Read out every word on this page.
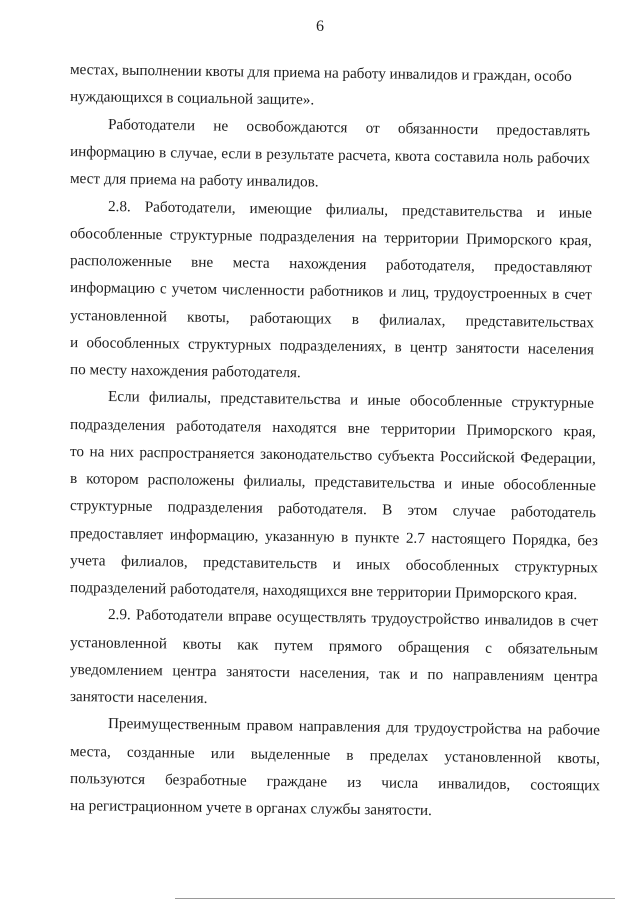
6
местах, выполнении квоты для приема на работу инвалидов и граждан, особо
нуждающихся в социальной защите».
Работодатели не освобождаются от обязанности предоставлять
информацию в случае, если в результате расчета, квота составила ноль рабочих
мест для приема на работу инвалидов.
2.8. Работодатели, имеющие филиалы, представительства и иные
обособленные структурные подразделения на территории Приморского края,
расположенные вне места нахождения работодателя, предоставляют
информацию с учетом численности работников и лиц, трудоустроенных в счет
установленной квоты, работающих в филиалах, представительствах
и обособленных структурных подразделениях, в центр занятости населения
по месту нахождения работодателя.
Если филиалы, представительства и иные обособленные структурные
подразделения работодателя находятся вне территории Приморского края,
то на них распространяется законодательство субъекта Российской Федерации,
в котором расположены филиалы, представительства и иные обособленные
структурные подразделения работодателя. В этом случае работодатель
предоставляет информацию, указанную в пункте 2.7 настоящего Порядка, без
учета филиалов, представительств и иных обособленных структурных
подразделений работодателя, находящихся вне территории Приморского края.
2.9. Работодатели вправе осуществлять трудоустройство инвалидов в счет
установленной квоты как путем прямого обращения с обязательным
уведомлением центра занятости населения, так и по направлениям центра
занятости населения.
Преимущественным правом направления для трудоустройства на рабочие
места, созданные или выделенные в пределах установленной квоты,
пользуются безработные граждане из числа инвалидов, состоящих
на регистрационном учете в органах службы занятости.
